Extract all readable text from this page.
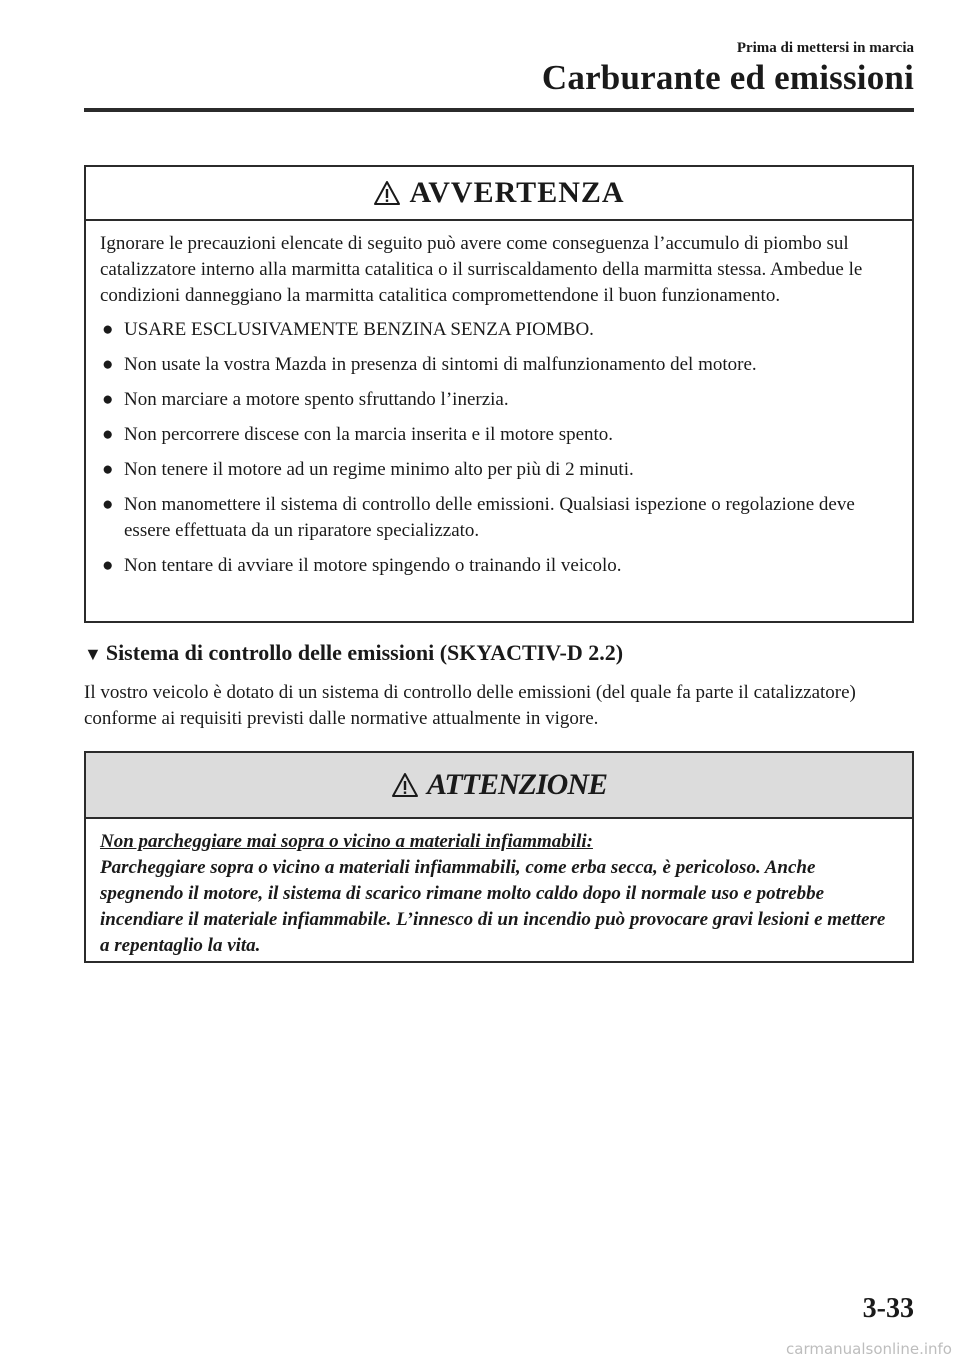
Prima di mettersi in marcia
Carburante ed emissioni
AVVERTENZA

Ignorare le precauzioni elencate di seguito può avere come conseguenza l’accumulo di piombo sul catalizzatore interno alla marmitta catalitica o il surriscaldamento della marmitta stessa. Ambedue le condizioni danneggiano la marmitta catalitica compromettendone il buon funzionamento.

● USARE ESCLUSIVAMENTE BENZINA SENZA PIOMBO.
● Non usate la vostra Mazda in presenza di sintomi di malfunzionamento del motore.
● Non marciare a motore spento sfruttando l’inerzia.
● Non percorrere discese con la marcia inserita e il motore spento.
● Non tenere il motore ad un regime minimo alto per più di 2 minuti.
● Non manomettere il sistema di controllo delle emissioni. Qualsiasi ispezione o regolazione deve essere effettuata da un riparatore specializzato.
● Non tentare di avviare il motore spingendo o trainando il veicolo.
▼ Sistema di controllo delle emissioni (SKYACTIV-D 2.2)

Il vostro veicolo è dotato di un sistema di controllo delle emissioni (del quale fa parte il catalizzatore) conforme ai requisiti previsti dalle normative attualmente in vigore.

ATTENZIONE
Non parcheggiare mai sopra o vicino a materiali infiammabili:
Parcheggiare sopra o vicino a materiali infiammabili, come erba secca, è pericoloso. Anche spegnendo il motore, il sistema di scarico rimane molto caldo dopo il normale uso e potrebbe incendiare il materiale infiammabile. L’innesco di un incendio può provocare gravi lesioni e mettere a repentaglio la vita.
3-33
carmanualsonline.info
